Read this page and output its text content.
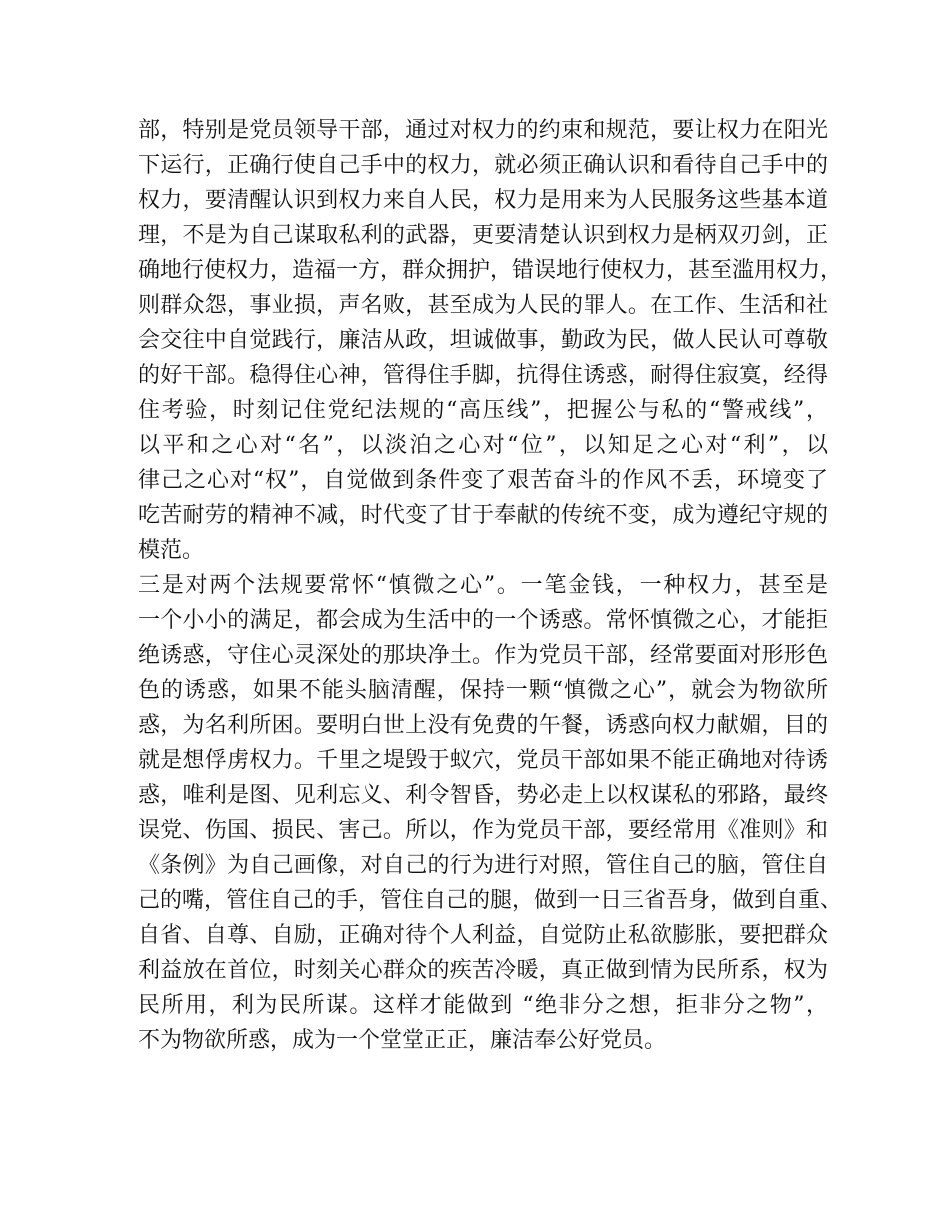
部，特别是党员领导干部，通过对权力的约束和规范，要让权力在阳光
下运行，正确行使自己手中的权力，就必须正确认识和看待自己手中的
权力，要清醒认识到权力来自人民，权力是用来为人民服务这些基本道
理，不是为自己谋取私利的武器，更要清楚认识到权力是柄双刃剑，正
确地行使权力，造福一方，群众拥护，错误地行使权力，甚至滥用权力，
则群众怨，事业损，声名败，甚至成为人民的罪人。在工作、生活和社
会交往中自觉践行，廉洁从政，坦诚做事，勤政为民，做人民认可尊敬
的好干部。稳得住心神，管得住手脚，抗得住诱惑，耐得住寂寞，经得
住考验，时刻记住党纪法规的“高压线”，把握公与私的“警戒线”，
以平和之心对“名”，以淡泊之心对“位”，以知足之心对“利”，以
律己之心对“权”，自觉做到条件变了艰苦奋斗的作风不丢，环境变了
吃苦耐劳的精神不减，时代变了甘于奉献的传统不变，成为遵纪守规的
模范。
三是对两个法规要常怀“慎微之心”。一笔金钱，一种权力，甚至是
一个小小的满足，都会成为生活中的一个诱惑。常怀慎微之心，才能拒
绝诱惑，守住心灵深处的那块净土。作为党员干部，经常要面对形形色
色的诱惑，如果不能头脑清醒，保持一颗“慎微之心”，就会为物欲所
惑，为名利所困。要明白世上没有免费的午餐，诱惑向权力献媚，目的
就是想俘虏权力。千里之堤毁于蚁穴，党员干部如果不能正确地对待诱
惑，唯利是图、见利忘义、利令智昏，势必走上以权谋私的邪路，最终
误党、伤国、损民、害己。所以，作为党员干部，要经常用《准则》和
《条例》为自己画像，对自己的行为进行对照，管住自己的脑，管住自
己的嘴，管住自己的手，管住自己的腿，做到一日三省吾身，做到自重、
自省、自尊、自励，正确对待个人利益，自觉防止私欲膨胀，要把群众
利益放在首位，时刻关心群众的疾苦冷暖，真正做到情为民所系，权为
民所用，利为民所谋。这样才能做到 “绝非分之想，拒非分之物”，
不为物欲所惑，成为一个堂堂正正，廉洁奉公好党员。
